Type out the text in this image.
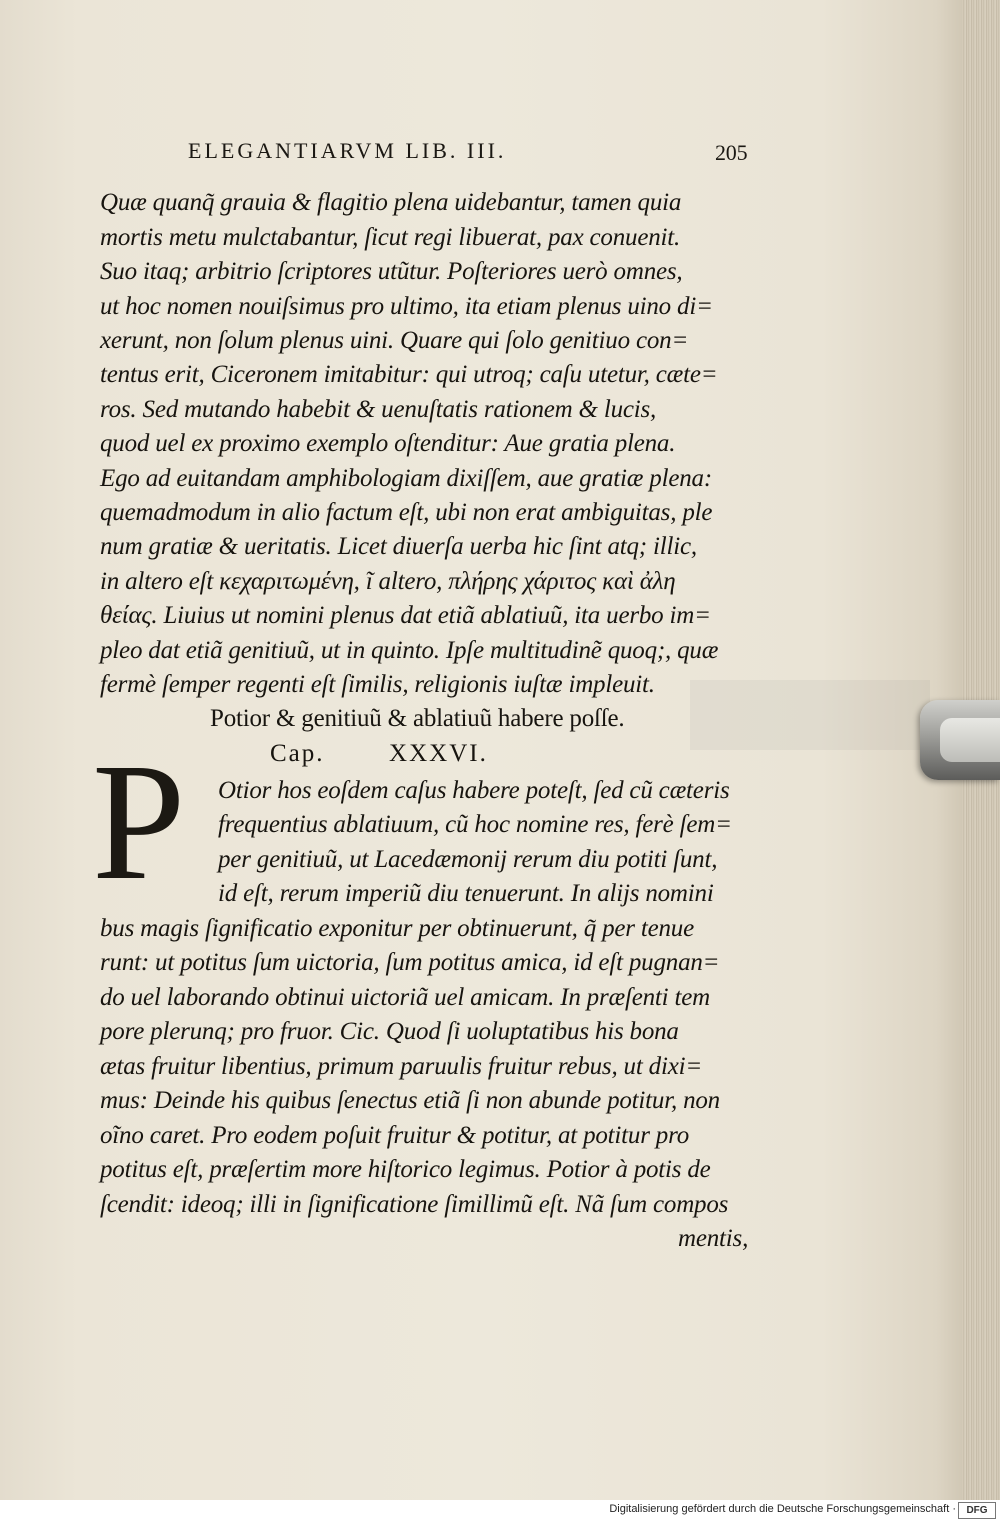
ELEGANTIARVM LIB. III.	205
Quæ quanq̃ grauia & flagitio plena uidebantur, tamen quia
mortis metu mulctabantur, ſicut regi libuerat, pax conuenit.
Suo itaq; arbitrio ſcriptores utũtur. Poſteriores uerò omnes,
ut hoc nomen nouiſsimus pro ultimo, ita etiam plenus uino di=
xerunt, non ſolum plenus uini. Quare qui ſolo genitiuo con=
tentus erit, Ciceronem imitabitur: qui utroq; caſu utetur, cæte=
ros. Sed mutando habebit & uenuſtatis rationem & lucis,
quod uel ex proximo exemplo oſtenditur: Aue gratia plena.
Ego ad euitandam amphibologiam dixiſſem, aue gratiæ plena:
quemadmodum in alio factum eſt, ubi non erat ambiguitas, ple
num gratiæ & ueritatis. Licet diuerſa uerba hic ſint atq; illic,
in altero eſt κεχαριτωμένη, ĩ altero, πλήρης χάριτος καὶ ἀλη
θείας. Liuius ut nomini plenus dat etiã ablatiuũ, ita uerbo im=
pleo dat etiã genitiuũ, ut in quinto. Ipſe multitudinẽ quoq;, quæ
fermè ſemper regenti eſt ſimilis, religionis iuſtæ impleuit.
Potior & genitiuũ & ablatiuũ habere poſſe.
Cap.	XXXVI.
P Otior hos eoſdem caſus habere poteſt, ſed cũ cæteris
frequentius ablatiuum, cũ hoc nomine res, ferè ſem=
per genitiuũ, ut Lacedæmonij rerum diu potiti ſunt,
id eſt, rerum imperiũ diu tenuerunt. In alijs nomini
bus magis ſignificatio exponitur per obtinuerunt, q̃ per tenue
runt: ut potitus ſum uictoria, ſum potitus amica, id eſt pugnan=
do uel laborando obtinui uictoriã uel amicam. In præſenti tem
pore plerunq; pro fruor. Cic. Quod ſi uoluptatibus his bona
ætas fruitur libentius, primum paruulis fruitur rebus, ut dixi=
mus: Deinde his quibus ſenectus etiã ſi non abunde potitur, non
oĩno caret. Pro eodem poſuit fruitur & potitur, at potitur pro
potitus eſt, præſertim more hiſtorico legimus. Potior à potis de
ſcendit: ideoq; illi in ſignificatione ſimillimũ eſt. Nã ſum compos
mentis,
Digitalisierung gefördert durch die Deutsche Forschungsgemeinschaft ·	DFG
